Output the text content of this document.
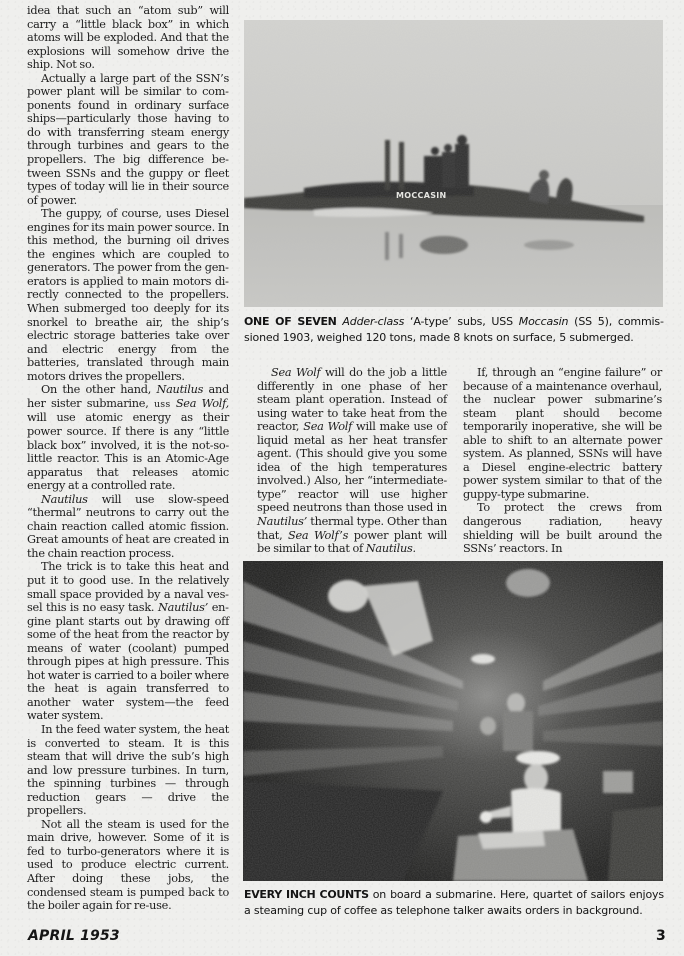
idea that such an “atom sub” will carry a “little black box” in which atoms will be exploded. And that the explosions will somehow drive the ship. Not so.

Actually a large part of the SSN’s power plant will be similar to components found in ordinary surface ships—particularly those having to do with transferring steam energy through turbines and gears to the propellers. The big difference between SSNs and the guppy or fleet types of today will lie in their source of power.

The guppy, of course, uses Diesel engines for its main power source. In this method, the burning oil drives the engines which are coupled to generators. The power from the generators is applied to main motors directly connected to the propellers. When submerged too deeply for its snorkel to breathe air, the ship’s electric storage batteries take over and electric energy from the batteries, translated through main motors drives the propellers.

On the other hand, Nautilus and her sister submarine, uss Sea Wolf, will use atomic energy as their power source. If there is any “little black box” involved, it is the not-so-little reactor. This is an Atomic-Age apparatus that releases atomic energy at a controlled rate.

Nautilus will use slow-speed “thermal” neutrons to carry out the chain reaction called atomic fission. Great amounts of heat are created in the chain reaction process.

The trick is to take this heat and put it to good use. In the relatively small space provided by a naval vessel this is no easy task. Nautilus’ engine plant starts out by drawing off some of the heat from the reactor by means of water (coolant) pumped through pipes at high pressure. This hot water is carried to a boiler where the heat is again transferred to another water system—the feed water system.

In the feed water system, the heat is converted to steam. It is this steam that will drive the sub’s high and low pressure turbines. In turn, the spinning turbines — through reduction gears — drive the propellers.

Not all the steam is used for the main drive, however. Some of it is fed to turbo-generators where it is used to produce electric current. After doing these jobs, the condensed steam is pumped back to the boiler again for re-use.

MOCCASIN
ONE OF SEVEN Adder-class ‘A-type’ subs, USS Moccasin (SS 5), commissioned 1903, weighed 120 tons, made 8 knots on surface, 5 submerged.

Sea Wolf will do the job a little differently in one phase of her steam plant operation. Instead of using water to take heat from the reactor, Sea Wolf will make use of liquid metal as her heat transfer agent. (This should give you some idea of the high temperatures involved.) Also, her “intermediate-type” reactor will use higher speed neutrons than those used in Nautilus’ thermal type. Other than that, Sea Wolf’s power plant will be similar to that of Nautilus.

If, through an “engine failure” or because of a maintenance overhaul, the nuclear power submarine’s steam plant should become temporarily inoperative, she will be able to shift to an alternate power system. As planned, SSNs will have a Diesel engine-electric battery power system similar to that of the guppy-type submarine.

To protect the crews from dangerous radiation, heavy shielding will be built around the SSNs’ reactors. In

EVERY INCH COUNTS on board a submarine. Here, quartet of sailors enjoys a steaming cup of coffee as telephone talker awaits orders in background.
APRIL 1953	3
